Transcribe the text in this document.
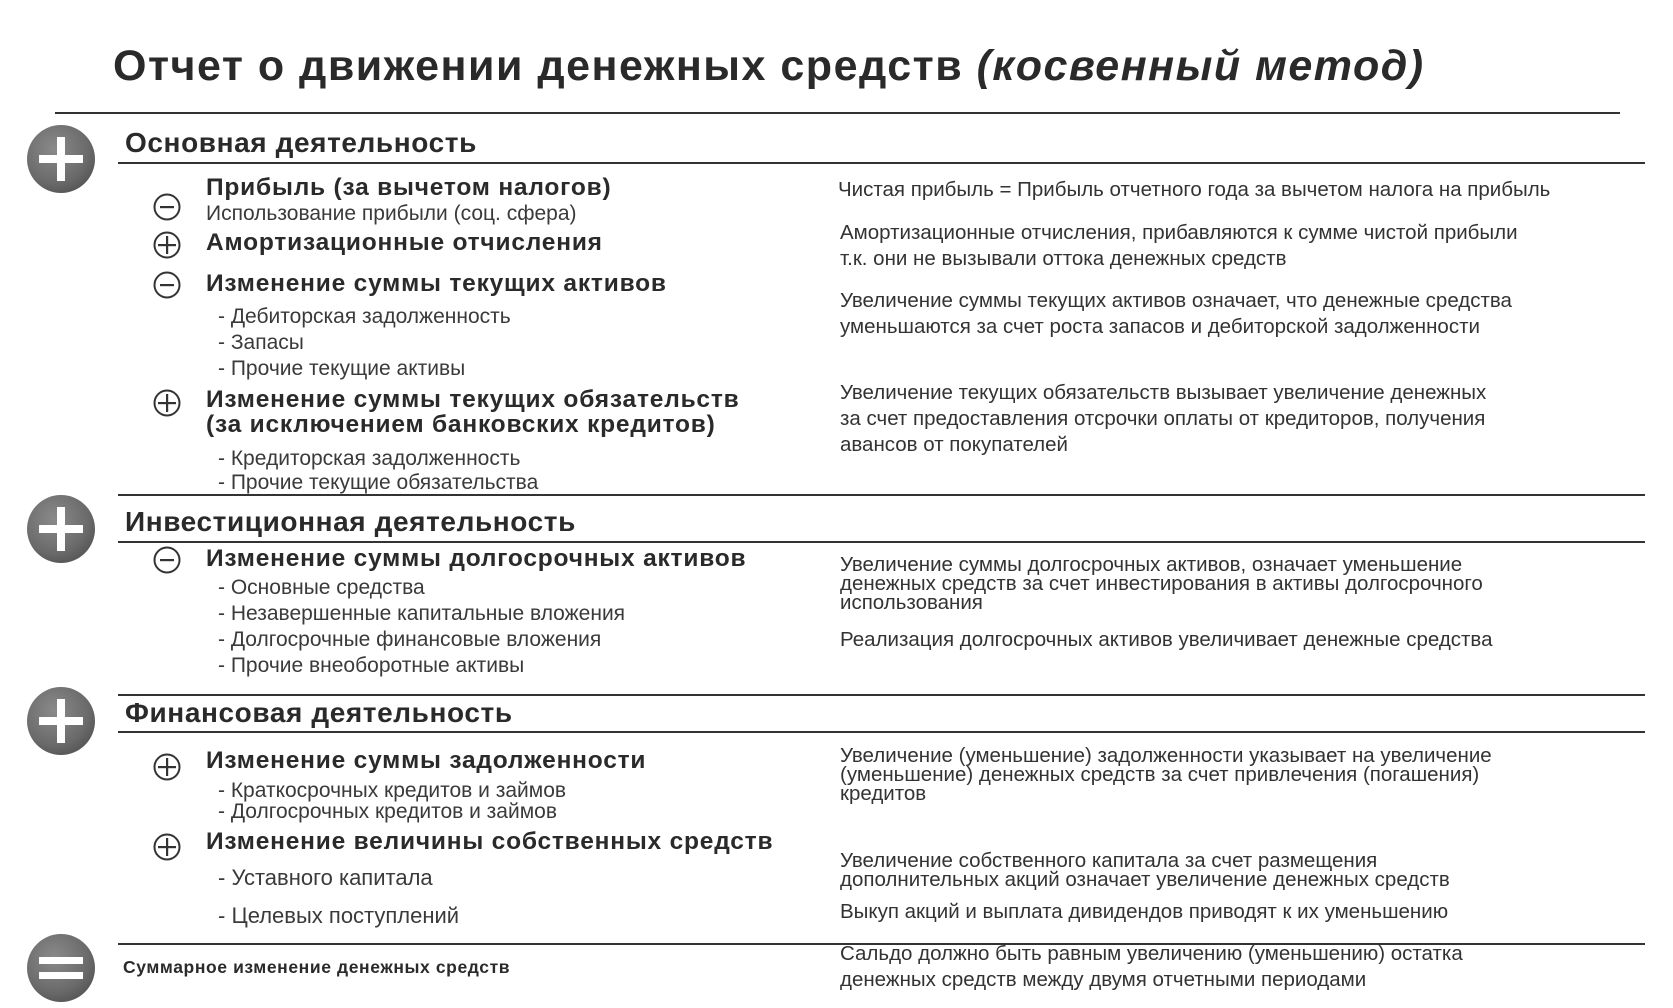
Отчет о движении денежных средств (косвенный метод)
Основная деятельность
Прибыль (за вычетом налогов)
Использование прибыли (соц. сфера)
Чистая прибыль = Прибыль отчетного года за вычетом налога на прибыль
Амортизационные отчисления	Амортизационные отчисления, прибавляются к сумме чистой прибыли
т.к. они не вызывали оттока денежных средств
Изменение суммы текущих активов
- Дебиторская задолженность
- Запасы
- Прочие текущие активы
Увеличение суммы текущих активов означает, что денежные средства
уменьшаются за счет роста запасов и дебиторской задолженности
Изменение суммы текущих обязательств
(за исключением банковских кредитов)
- Кредиторская задолженность
- Прочие текущие обязательства
Увеличение текущих обязательств вызывает увеличение денежных
за счет предоставления отсрочки оплаты от кредиторов, получения
авансов от покупателей
Инвестиционная деятельность
Изменение суммы долгосрочных активов
- Основные средства
- Незавершенные капитальные вложения
- Долгосрочные финансовые вложения
- Прочие внеоборотные активы
Увеличение суммы долгосрочных активов, означает уменьшение
денежных средств за счет инвестирования в активы долгосрочного
использования
Реализация долгосрочных активов увеличивает денежные средства
Финансовая деятельность
Изменение суммы задолженности
- Краткосрочных кредитов и займов
- Долгосрочных кредитов и займов
Увеличение (уменьшение) задолженности указывает на увеличение
(уменьшение) денежных средств за счет привлечения (погашения)
кредитов
Изменение величины собственных средств
- Уставного капитала
- Целевых поступлений
Увеличение собственного капитала за счет размещения
дополнительных акций означает увеличение денежных средств
Выкуп акций и выплата дивидендов приводят к их уменьшению
Суммарное изменение денежных средств
Сальдо должно быть равным увеличению (уменьшению) остатка
денежных средств между двумя отчетными периодами
